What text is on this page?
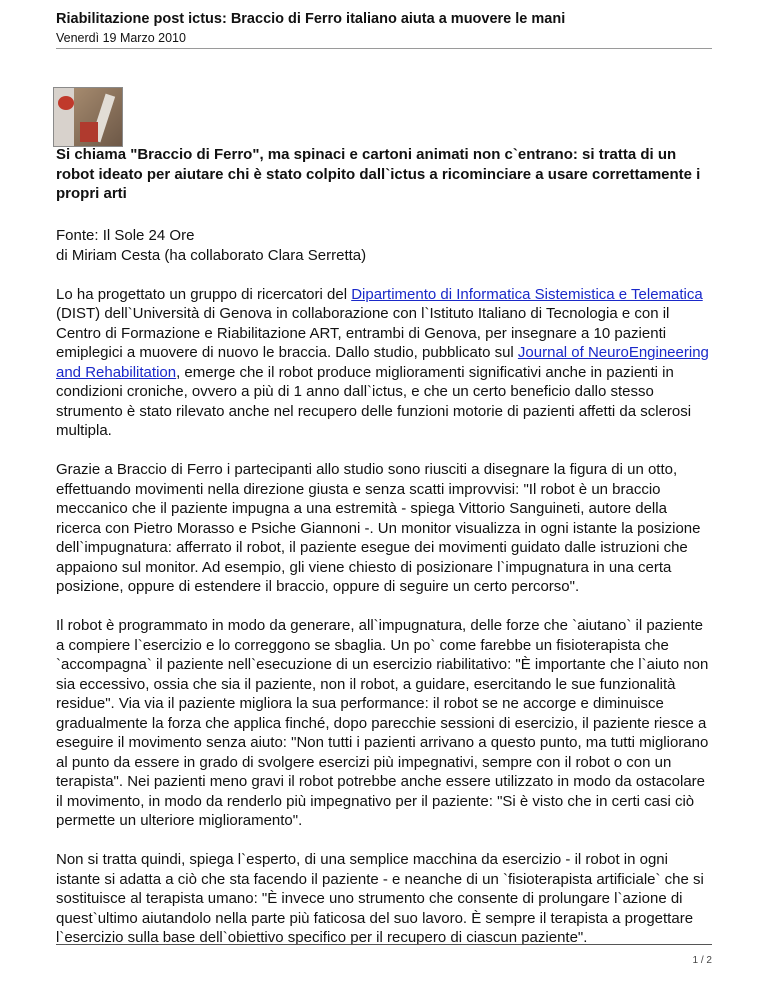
Riabilitazione post ictus: Braccio di Ferro italiano aiuta a muovere le mani
Venerdì 19 Marzo 2010

Si chiama "Braccio di Ferro", ma spinaci e cartoni animati non c`entrano: si tratta di un robot ideato per aiutare chi è stato colpito dall`ictus a ricominciare a usare correttamente i propri arti

Fonte: Il Sole 24 Ore
di Miriam Cesta (ha collaborato Clara Serretta)

Lo ha progettato un gruppo di ricercatori del Dipartimento di Informatica Sistemistica e Telematica (DIST) dell`Università di Genova in collaborazione con l`Istituto Italiano di Tecnologia e con il Centro di Formazione e Riabilitazione ART, entrambi di Genova, per insegnare a 10 pazienti emiplegici a muovere di nuovo le braccia. Dallo studio, pubblicato sul Journal of NeuroEngineering and Rehabilitation, emerge che il robot produce miglioramenti significativi anche in pazienti in condizioni croniche, ovvero a più di 1 anno dall`ictus, e che un certo beneficio dallo stesso strumento è stato rilevato anche nel recupero delle funzioni motorie di pazienti affetti da sclerosi multipla.

Grazie a Braccio di Ferro i partecipanti allo studio sono riusciti a disegnare la figura di un otto, effettuando movimenti nella direzione giusta e senza scatti improvvisi: "Il robot è un braccio meccanico che il paziente impugna a una estremità - spiega Vittorio Sanguineti, autore della ricerca con Pietro Morasso e Psiche Giannoni -. Un monitor visualizza in ogni istante la posizione dell`impugnatura: afferrato il robot, il paziente esegue dei movimenti guidato dalle istruzioni che appaiono sul monitor. Ad esempio, gli viene chiesto di posizionare l`impugnatura in una certa posizione, oppure di estendere il braccio, oppure di seguire un certo percorso".

Il robot è programmato in modo da generare, all`impugnatura, delle forze che `aiutano` il paziente a compiere l`esercizio e lo correggono se sbaglia. Un po` come farebbe un fisioterapista che `accompagna` il paziente nell`esecuzione di un esercizio riabilitativo: "È importante che l`aiuto non sia eccessivo, ossia che sia il paziente, non il robot, a guidare, esercitando le sue funzionalità residue". Via via il paziente migliora la sua performance: il robot se ne accorge e diminuisce gradualmente la forza che applica finché, dopo parecchie sessioni di esercizio, il paziente riesce a eseguire il movimento senza aiuto: "Non tutti i pazienti arrivano a questo punto, ma tutti migliorano al punto da essere in grado di svolgere esercizi più impegnativi, sempre con il robot o con un terapista". Nei pazienti meno gravi il robot potrebbe anche essere utilizzato in modo da ostacolare il movimento, in modo da renderlo più impegnativo per il paziente: "Si è visto che in certi casi ciò permette un ulteriore miglioramento".

Non si tratta quindi, spiega l`esperto, di una semplice macchina da esercizio - il robot in ogni istante si adatta a ciò che sta facendo il paziente - e neanche di un `fisioterapista artificiale` che si sostituisce al terapista umano: "È invece uno strumento che consente di prolungare l`azione di quest`ultimo aiutandolo nella parte più faticosa del suo lavoro. È sempre il terapista a progettare l`esercizio sulla base dell`obiettivo specifico per il recupero di ciascun paziente".

1 / 2
